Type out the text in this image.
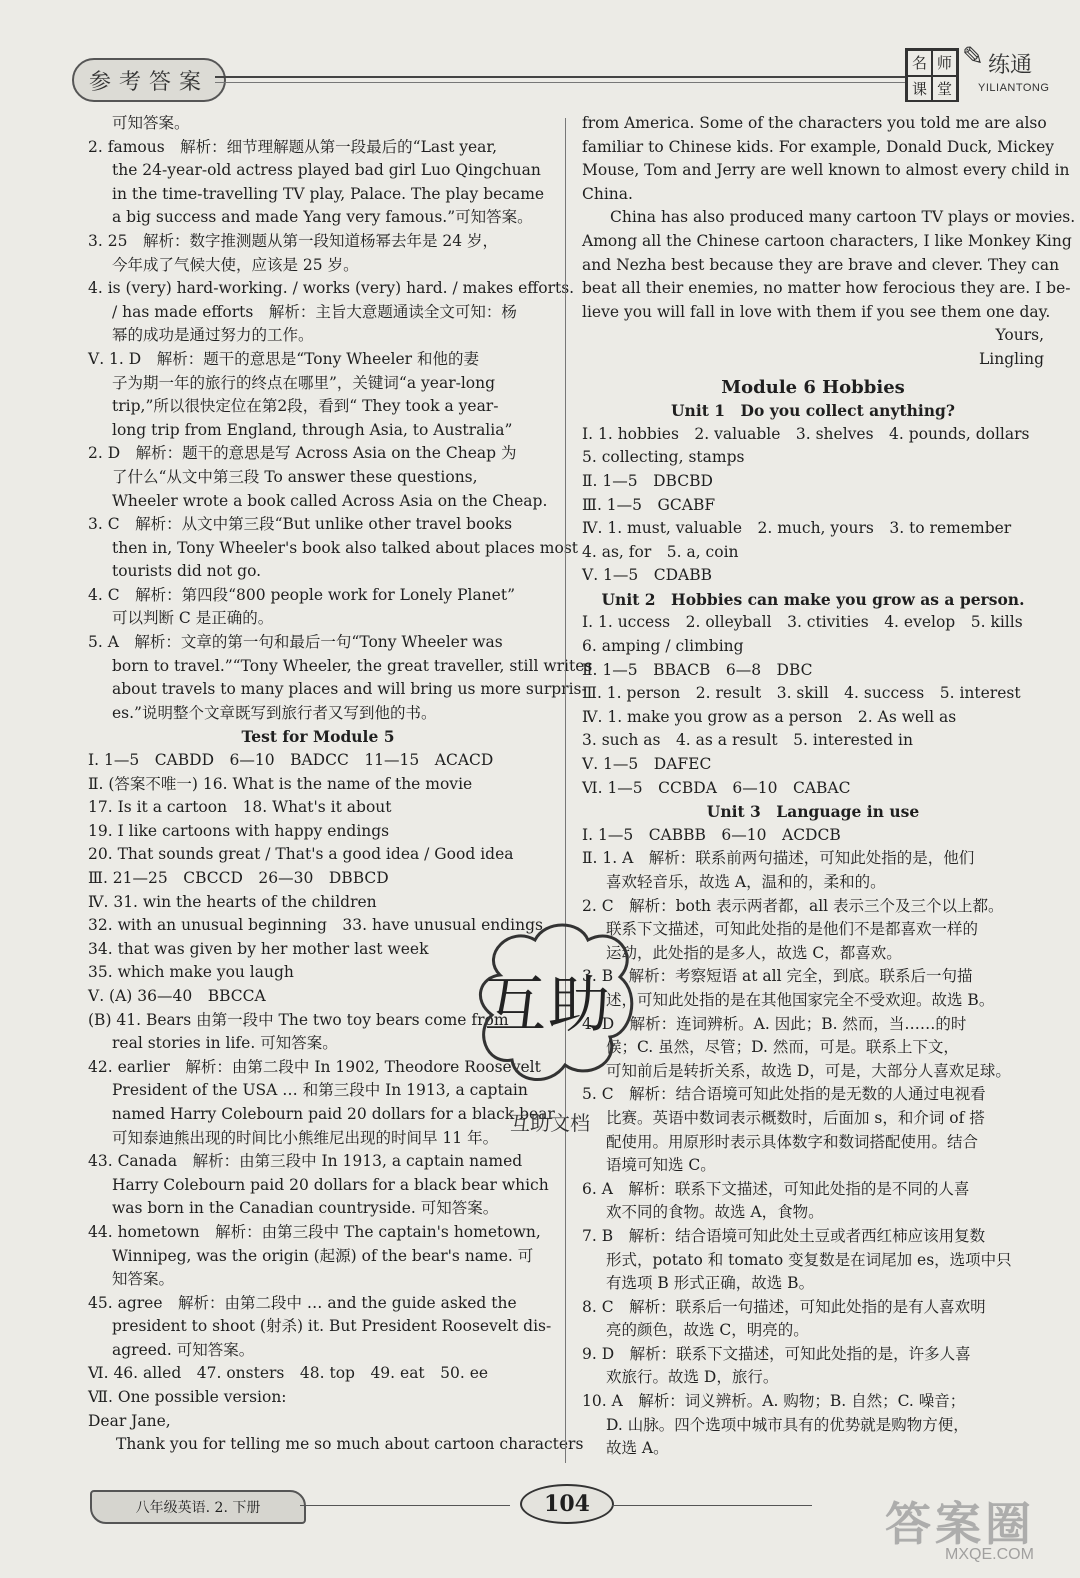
参考答案
名 师
课 堂
✎ 练通
YILIANTONG
可知答案。
2. famous　解析：细节理解题从第一段最后的“Last year,
the 24-year-old actress played bad girl Luo Qingchuan
in the time-travelling TV play, Palace. The play became
a big success and made Yang very famous.”可知答案。
3. 25　解析：数字推测题从第一段知道杨幂去年是 24 岁，
今年成了气候大使，应该是 25 岁。
4. is (very) hard-working. / works (very) hard. / makes efforts.
/ has made efforts　解析：主旨大意题通读全文可知：杨
幂的成功是通过努力的工作。
Ⅴ. 1. D　解析：题干的意思是“Tony Wheeler 和他的妻
子为期一年的旅行的终点在哪里”，关键词“a year-long
trip,”所以很快定位在第2段，看到“ They took a year-
long trip from England, through Asia, to Australia”
2. D　解析：题干的意思是写 Across Asia on the Cheap 为
了什么“从文中第三段 To answer these questions,
Wheeler wrote a book called Across Asia on the Cheap.
3. C　解析：从文中第三段“But unlike other travel books
then in, Tony Wheeler's book also talked about places most
tourists did not go.
4. C　解析：第四段“800 people work for Lonely Planet”
可以判断 C 是正确的。
5. A　解析：文章的第一句和最后一句“Tony Wheeler was
born to travel.”“Tony Wheeler, the great traveller, still writes
about travels to many places and will bring us more surpris-
es.”说明整个文章既写到旅行者又写到他的书。
Test for Module 5
Ⅰ. 1—5　CABDD　6—10　BADCC　11—15　ACACD
Ⅱ. (答案不唯一) 16. What is the name of the movie
17. Is it a cartoon　18. What's it about
19. I like cartoons with happy endings
20. That sounds great / That's a good idea / Good idea
Ⅲ. 21—25　CBCCD　26—30　DBBCD
Ⅳ. 31. win the hearts of the children
32. with an unusual beginning　33. have unusual endings
34. that was given by her mother last week
35. which make you laugh
Ⅴ. (A) 36—40　BBCCA
(B) 41. Bears 由第一段中 The two toy bears come from
real stories in life. 可知答案。
42. earlier　解析：由第二段中 In 1902, Theodore Roosevelt
President of the USA … 和第三段中 In 1913, a captain
named Harry Colebourn paid 20 dollars for a black bear
可知泰迪熊出现的时间比小熊维尼出现的时间早 11 年。
43. Canada　解析：由第三段中 In 1913, a captain named
Harry Colebourn paid 20 dollars for a black bear which
was born in the Canadian countryside. 可知答案。
44. hometown　解析：由第三段中 The captain's hometown,
Winnipeg, was the origin (起源) of the bear's name. 可
知答案。
45. agree　解析：由第二段中 … and the guide asked the
president to shoot (射杀) it. But President Roosevelt dis-
agreed. 可知答案。
Ⅵ. 46. alled　47. onsters　48. top　49. eat　50. ee
Ⅶ. One possible version:
Dear Jane,
Thank you for telling me so much about cartoon characters
from America. Some of the characters you told me are also
familiar to Chinese kids. For example, Donald Duck, Mickey
Mouse, Tom and Jerry are well known to almost every child in
China.
China has also produced many cartoon TV plays or movies.
Among all the Chinese cartoon characters, I like Monkey King
and Nezha best because they are brave and clever. They can
beat all their enemies, no matter how ferocious they are. I be-
lieve you will fall in love with them if you see them one day.
Yours,
Lingling
Module 6 Hobbies
Unit 1　Do you collect anything?
Ⅰ. 1. hobbies　2. valuable　3. shelves　4. pounds, dollars
5. collecting, stamps
Ⅱ. 1—5　DBCBD
Ⅲ. 1—5　GCABF
Ⅳ. 1. must, valuable　2. much, yours　3. to remember
4. as, for　5. a, coin
Ⅴ. 1—5　CDABB
Unit 2　Hobbies can make you grow as a person.
Ⅰ. 1. uccess　2. olleyball　3. ctivities　4. evelop　5. kills
6. amping / climbing
Ⅱ. 1—5　BBACB　6—8　DBC
Ⅲ. 1. person　2. result　3. skill　4. success　5. interest
Ⅳ. 1. make you grow as a person　2. As well as
3. such as　4. as a result　5. interested in
Ⅴ. 1—5　DAFEC
Ⅵ. 1—5　CCBDA　6—10　CABAC
Unit 3　Language in use
Ⅰ. 1—5　CABBB　6—10　ACDCB
Ⅱ. 1. A　解析：联系前两句描述，可知此处指的是，他们
喜欢轻音乐，故选 A，温和的，柔和的。
2. C　解析：both 表示两者都，all 表示三个及三个以上都。
联系下文描述，可知此处指的是他们不是都喜欢一样的
运动，此处指的是多人，故选 C，都喜欢。
3. B　解析：考察短语 at all 完全，到底。联系后一句描
述，可知此处指的是在其他国家完全不受欢迎。故选 B。
4. D　解析：连词辨析。A. 因此；B. 然而，当……的时
候；C. 虽然，尽管；D. 然而，可是。联系上下文，
可知前后是转折关系，故选 D，可是，大部分人喜欢足球。
5. C　解析：结合语境可知此处指的是无数的人通过电视看
比赛。英语中数词表示概数时，后面加 s，和介词 of 搭
配使用。用原形时表示具体数字和数词搭配使用。结合
语境可知选 C。
6. A　解析：联系下文描述，可知此处指的是不同的人喜
欢不同的食物。故选 A，食物。
7. B　解析：结合语境可知此处土豆或者西红柿应该用复数
形式，potato 和 tomato 变复数是在词尾加 es，选项中只
有选项 B 形式正确，故选 B。
8. C　解析：联系后一句描述，可知此处指的是有人喜欢明
亮的颜色，故选 C，明亮的。
9. D　解析：联系下文描述，可知此处指的是，许多人喜
欢旅行。故选 D，旅行。
10. A　解析：词义辨析。A. 购物；B. 自然；C. 噪音；
D. 山脉。四个选项中城市具有的优势就是购物方便，
故选 A。
互助
互助文档
八年级英语. 2. 下册	104	答案圈
MXQE.COM
